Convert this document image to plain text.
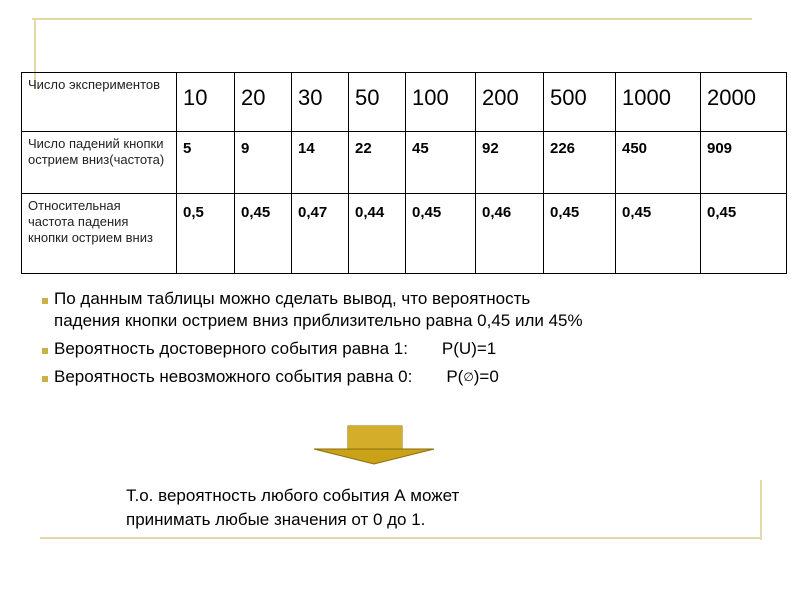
Число экспериментов	10	20	30	50	100	200	500	1000	2000
Число падений кнопки острием вниз(частота)	5	9	14	22	45	92	226	450	909
Относительная частота падения кнопки острием вниз	0,5	0,45	0,47	0,44	0,45	0,46	0,45	0,45	0,45
По данным таблицы можно сделать вывод, что вероятность
падения кнопки острием вниз приблизительно равна 0,45 или 45%
Вероятность достоверного события равна 1: P(U)=1
Вероятность невозможного события равна 0: P(∅)=0
Т.о. вероятность любого события А может
принимать любые значения от 0 до 1.
